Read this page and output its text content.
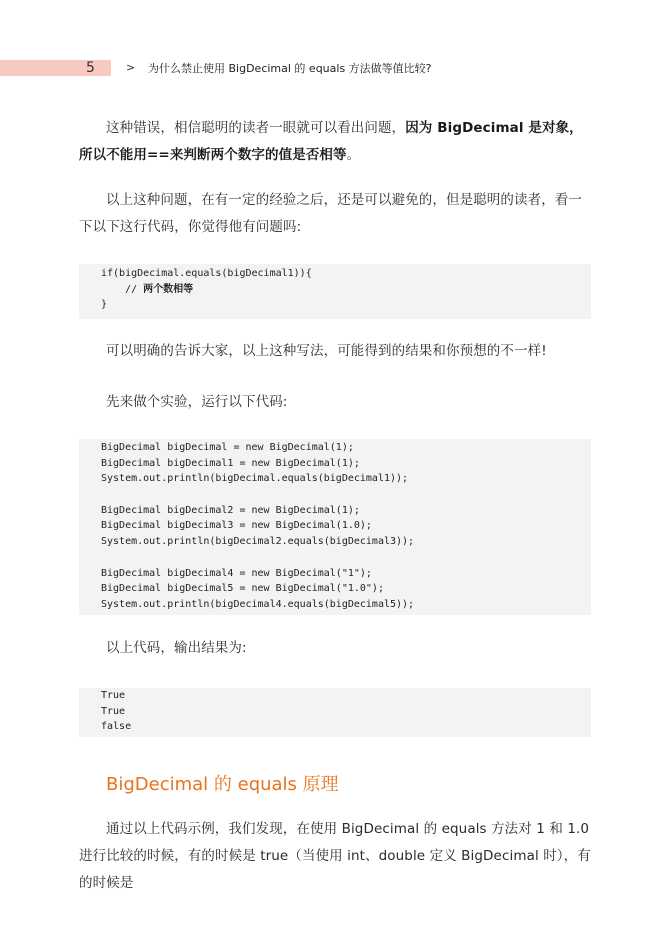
5	> 为什么禁止使用 BigDecimal 的 equals 方法做等值比较?

这种错误，相信聪明的读者一眼就可以看出问题，因为 BigDecimal 是对象，所以不能用==来判断两个数字的值是否相等。

以上这种问题，在有一定的经验之后，还是可以避免的，但是聪明的读者，看一下以下这行代码，你觉得他有问题吗:

if(bigDecimal.equals(bigDecimal1)){
// 两个数相等
}

可以明确的告诉大家，以上这种写法，可能得到的结果和你预想的不一样!

先来做个实验，运行以下代码:

BigDecimal bigDecimal = new BigDecimal(1);
BigDecimal bigDecimal1 = new BigDecimal(1);
System.out.println(bigDecimal.equals(bigDecimal1));
BigDecimal bigDecimal2 = new BigDecimal(1);
BigDecimal bigDecimal3 = new BigDecimal(1.0);
System.out.println(bigDecimal2.equals(bigDecimal3));
BigDecimal bigDecimal4 = new BigDecimal("1");
BigDecimal bigDecimal5 = new BigDecimal("1.0");
System.out.println(bigDecimal4.equals(bigDecimal5));

以上代码，输出结果为:

True
True
false
BigDecimal 的 equals 原理

通过以上代码示例，我们发现，在使用 BigDecimal 的 equals 方法对 1 和 1.0 进行比较的时候，有的时候是 true（当使用 int、double 定义 BigDecimal 时），有的时候是
